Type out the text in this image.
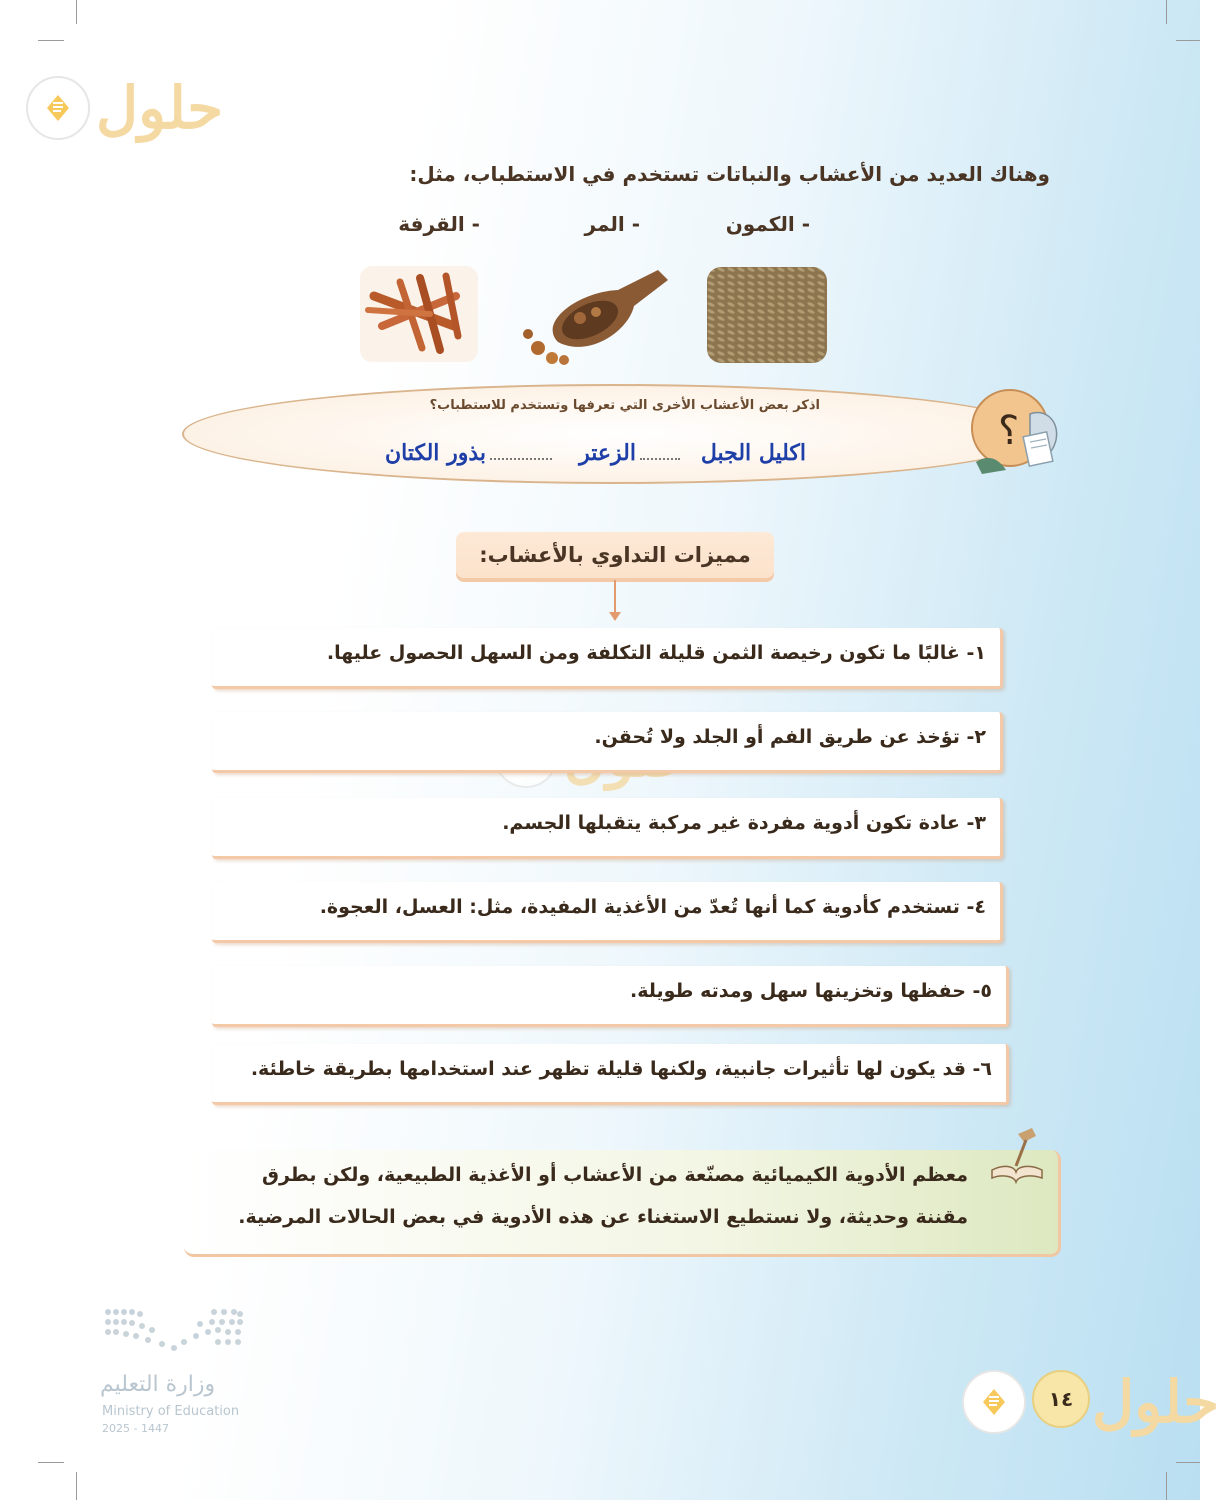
حلول
حلول
وهناك العديد من الأعشاب والنباتات تستخدم في الاستطباب، مثل:
- الكمون
- المر
- القرفة
اذكر بعض الأعشاب الأخرى التي تعرفها وتستخدم للاستطباب؟
اكليل الجبل
الزعتر
بذور الكتان	؟
مميزات التداوي بالأعشاب:
١- غالبًا ما تكون رخيصة الثمن قليلة التكلفة ومن السهل الحصول عليها.
٢- تؤخذ عن طريق الفم أو الجلد ولا تُحقن.
٣- عادة تكون أدوية مفردة غير مركبة يتقبلها الجسم.
٤- تستخدم كأدوية كما أنها تُعدّ من الأغذية المفيدة، مثل: العسل، العجوة.
٥- حفظها وتخزينها سهل ومدته طويلة.
٦- قد يكون لها تأثيرات جانبية، ولكنها قليلة تظهر عند استخدامها بطريقة خاطئة.
معظم الأدوية الكيميائية مصنّعة من الأعشاب أو الأغذية الطبيعية، ولكن بطرق
مقننة وحديثة، ولا نستطيع الاستغناء عن هذه الأدوية في بعض الحالات المرضية.
وزارة التعليم
Ministry of Education
2025 - 1447
١٤
